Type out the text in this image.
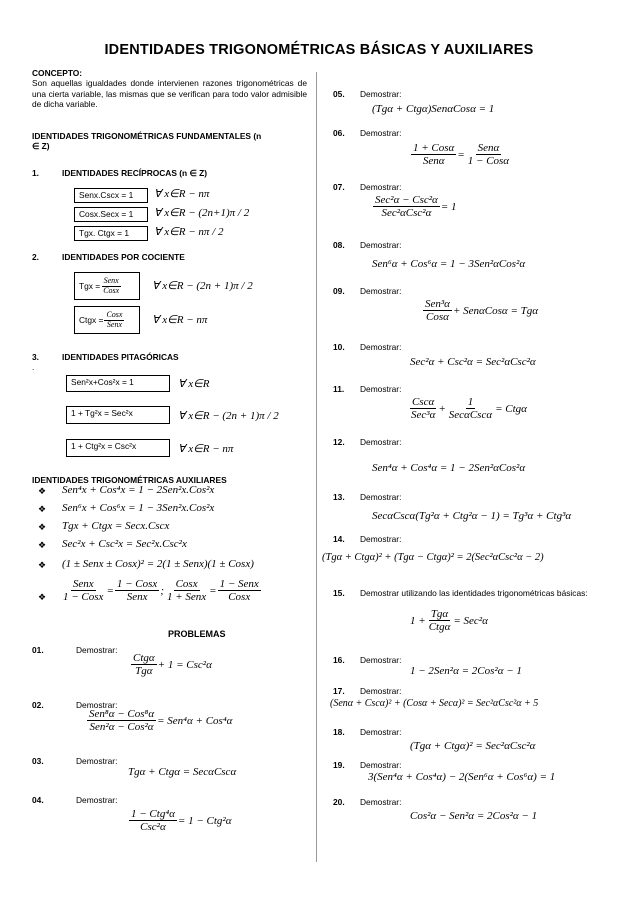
IDENTIDADES TRIGONOMÉTRICAS BÁSICAS Y AUXILIARES
CONCEPTO:
Son aquellas igualdades donde intervienen razones trigonométricas de una cierta variable, las mismas que se verifican para todo valor admisible de dicha variable.
IDENTIDADES TRIGONOMÉTRICAS FUNDAMENTALES (n ∈ Z)
1.	IDENTIDADES RECÍPROCAS (n ∈ Z)
Senx.Cscx = 1	∀ x∈R − nπ
Cosx.Secx = 1	∀ x∈R − (2n+1)π / 2
Tgx. Ctgx = 1	∀ x∈R − nπ / 2
2.	IDENTIDADES POR COCIENTE
Tgx = $\frac{\text{Senx}}{\text{Cosx}}$	∀ x∈R − (2n + 1)π / 2
Ctgx = $\frac{\text{Cosx}}{\text{Senx}}$	∀ x∈R − nπ
3.	IDENTIDADES PITAGÓRICAS
.
Sen²x+Cos²x = 1	∀ x∈R
1 + Tg²x = Sec²x	∀ x∈R − (2n + 1)π / 2
1 + Ctg²x = Csc²x	∀ x∈R − nπ
IDENTIDADES TRIGONOMÉTRICAS AUXILIARES
❖ Sen⁴x + Cos⁴x = 1 − 2Sen²x.Cos²x
❖ Sen⁶x + Cos⁶x = 1 − 3Sen²x.Cos²x
❖ Tgx + Ctgx = Secx.Cscx
❖ Sec²x + Csc²x = Sec²x.Csc²x
❖ (1 ± Senx ± Cosx)² = 2(1 ± Senx)(1 ± Cosx)
❖ $\frac{\text{Senx}}{\text{1 − Cosx}} = \frac{\text{1 − Cosx}}{\text{Senx}}$ ; $\frac{\text{Cosx}}{\text{1 + Senx}} = \frac{\text{1 − Senx}}{\text{Cosx}}$
PROBLEMAS
01.	Demostrar:
$\frac{\text{Ctgα}}{\text{Tgα}} + 1 = Csc^2\alpha$
02.	Demostrar:
$\frac{\text{Sen⁸α − Cos⁸α}}{\text{Sen²α − Cos²α}} = Sen^4\alpha + Cos^4\alpha$
03.	Demostrar:
Tgα + Ctgα = SecαCscα
04.	Demostrar:
$\frac{\text{1 − Ctg⁴α}}{\text{Csc²α}} = 1 - Ctg^2\alpha$
05. Demostrar:
(Tgα + Ctgα)SenαCosα = 1
06. Demostrar:
$\frac{\text{1 + Cosα}}{\text{Senα}} = \frac{\text{Senα}}{\text{1 − Cosα}}$
07. Demostrar:
$\frac{\text{Sec²α − Csc²α}}{\text{Sec²αCsc²α}} = 1$
08. Demostrar:
Sen⁶α + Cos⁶α = 1 − 3Sen²αCos²α
09. Demostrar:
$\frac{\text{Sen³α}}{\text{Cosα}} + Sen\alpha Cos\alpha = Tg\alpha$
10. Demostrar:
Sec²α + Csc²α = Sec²αCsc²α
11. Demostrar:
$\frac{\text{Cscα}}{\text{Sec³α}} + \frac{1}{\text{SecαCscα}} = Ctg\alpha$
12. Demostrar:
Sen⁴α + Cos⁴α = 1 − 2Sen²αCos²α
13. Demostrar:
SecαCscα(Tg²α + Ctg²α − 1) = Tg³α + Ctg³α
14. Demostrar:
(Tgα + Ctgα)² + (Tgα − Ctgα)² = 2(Sec²αCsc²α − 2)
15. Demostrar utilizando las identidades trigonométricas básicas:
$1 + \frac{\text{Tgα}}{\text{Ctgα}} = Sec^2\alpha$
16. Demostrar:
1 − 2Sen²α = 2Cos²α − 1
17. Demostrar:
(Senα + Cscα)² + (Cosα + Secα)² = Sec²αCsc²α + 5
18. Demostrar:
(Tgα + Ctgα)² = Sec²αCsc²α
19. Demostrar:
3(Sen⁴α + Cos⁴α) − 2(Sen⁶α + Cos⁶α) = 1
20. Demostrar:
Cos²α − Sen²α = 2Cos²α − 1
